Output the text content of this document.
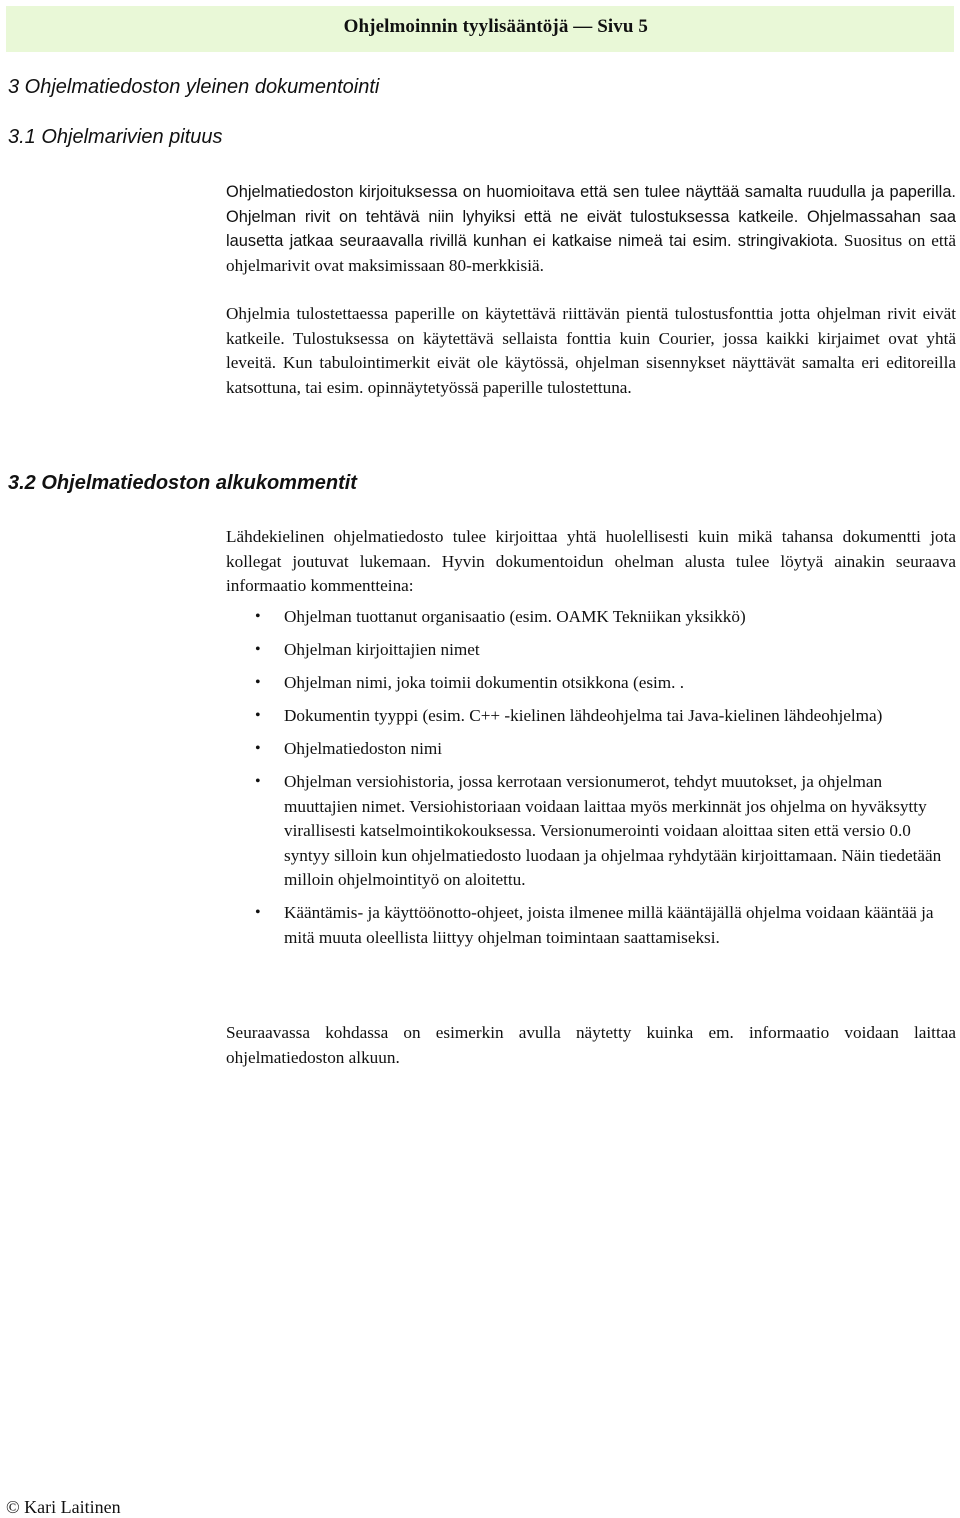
Ohjelmoinnin tyylisääntöjä — Sivu 5
3 Ohjelmatiedoston yleinen dokumentointi
3.1 Ohjelmarivien pituus

Ohjelmatiedoston kirjoituksessa on huomioitava että sen tulee näyttää samalta ruudulla ja paperilla. Ohjelman rivit on tehtävä niin lyhyiksi että ne eivät tulostuksessa katkeile. Ohjelmassahan saa lausetta jatkaa seuraavalla rivillä kunhan ei katkaise nimeä tai esim. stringivakiota. Suositus on että ohjelmarivit ovat maksimissaan 80-merkkisiä.

Ohjelmia tulostettaessa paperille on käytettävä riittävän pientä tulostusfonttia jotta ohjelman rivit eivät katkeile. Tulostuksessa on käytettävä sellaista fonttia kuin Courier, jossa kaikki kirjaimet ovat yhtä leveitä. Kun tabulointimerkit eivät ole käytössä, ohjelman sisennykset näyttävät samalta eri editoreilla katsottuna, tai esim. opinnäytetyössä paperille tulostettuna.

3.2 Ohjelmatiedoston alkukommentit

Lähdekielinen ohjelmatiedosto tulee kirjoittaa yhtä huolellisesti kuin mikä tahansa dokumentti jota kollegat joutuvat lukemaan. Hyvin dokumentoidun ohelman alusta tulee löytyä ainakin seuraava informaatio kommentteina:

• Ohjelman tuottanut organisaatio (esim. OAMK Tekniikan yksikkö)
• Ohjelman kirjoittajien nimet
• Ohjelman nimi, joka toimii dokumentin otsikkona (esim. .
• Dokumentin tyyppi (esim. C++ -kielinen lähdeohjelma tai Java-kielinen lähdeohjelma)
• Ohjelmatiedoston nimi
• Ohjelman versiohistoria, jossa kerrotaan versionumerot, tehdyt muutokset, ja ohjelman muuttajien nimet. Versiohistoriaan voidaan laittaa myös merkinnät jos ohjelma on hyväksytty virallisesti katselmointikokouksessa. Versionumerointi voidaan aloittaa siten että versio 0.0 syntyy silloin kun ohjelmatiedosto luodaan ja ohjelmaa ryhdytään kirjoittamaan. Näin tiedetään milloin ohjelmointityö on aloitettu.
• Kääntämis- ja käyttöönotto-ohjeet, joista ilmenee millä kääntäjällä ohjelma voidaan kääntää ja mitä muuta oleellista liittyy ohjelman toimintaan saattamiseksi.

Seuraavassa kohdassa on esimerkin avulla näytetty kuinka em. informaatio voidaan laittaa ohjelmatiedoston alkuun.

© Kari Laitinen
